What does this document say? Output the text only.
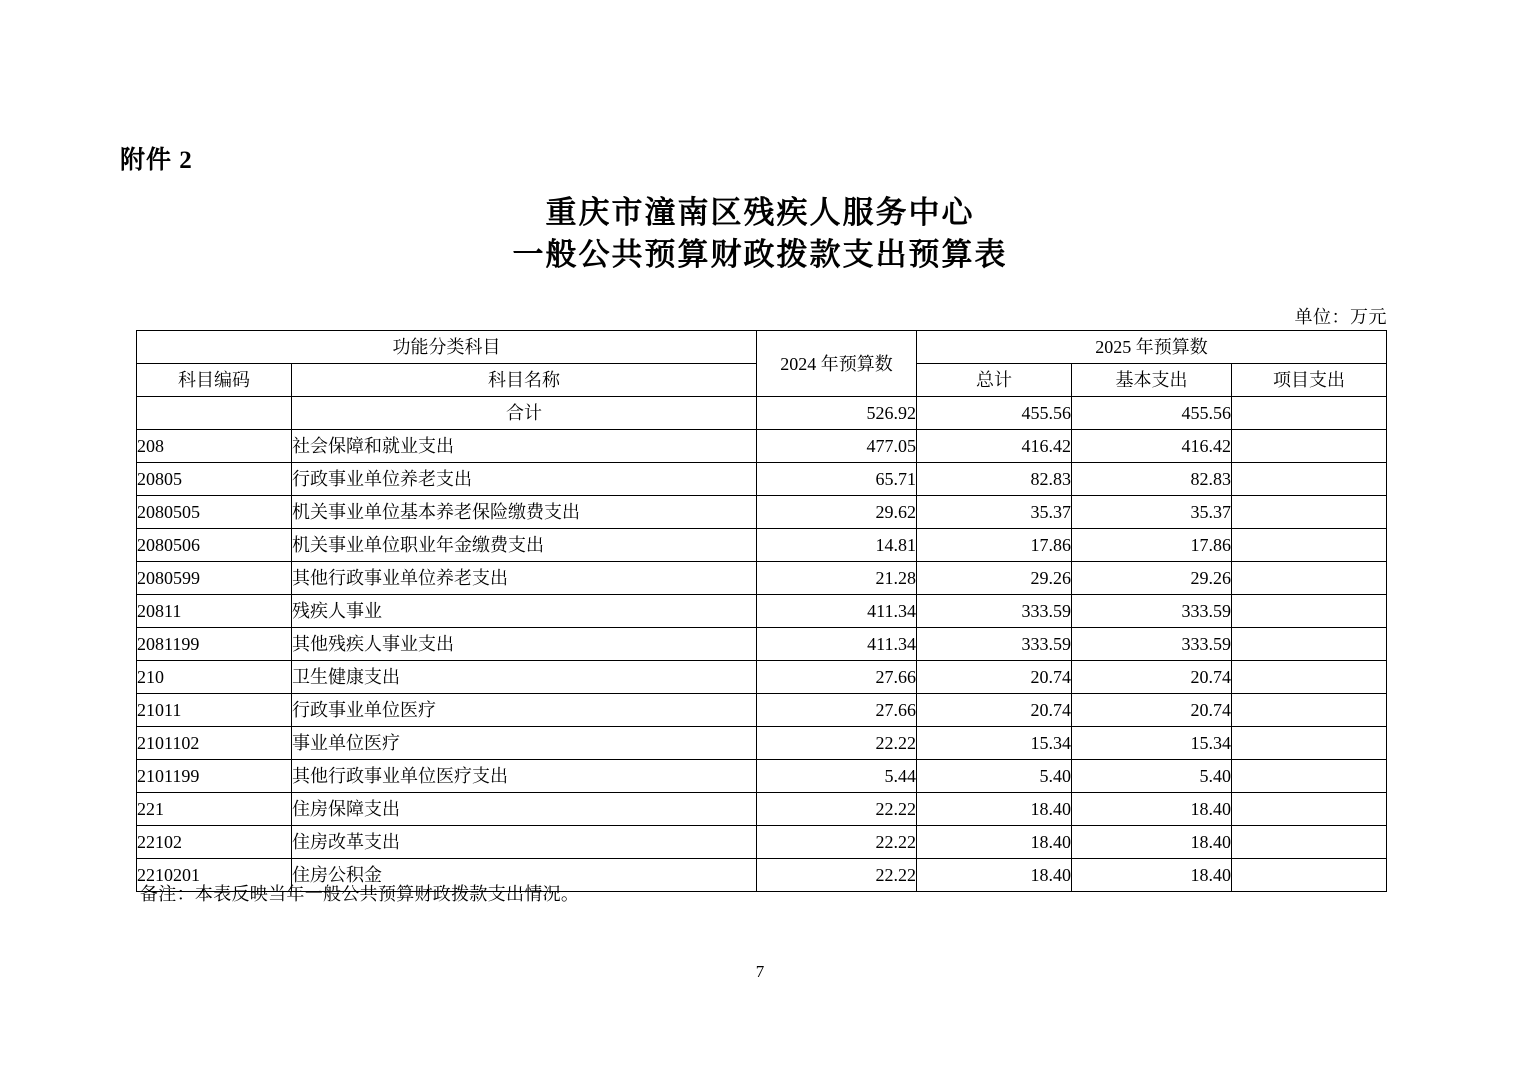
附件 2
重庆市潼南区残疾人服务中心
一般公共预算财政拨款支出预算表
单位：万元
功能分类科目		2024 年预算数	2025 年预算数		
科目编码	科目名称		总计	基本支出	项目支出
	合计	526.92	455.56	455.56	
208	社会保障和就业支出	477.05	416.42	416.42	
20805	行政事业单位养老支出	65.71	82.83	82.83	
2080505	机关事业单位基本养老保险缴费支出	29.62	35.37	35.37	
2080506	机关事业单位职业年金缴费支出	14.81	17.86	17.86	
2080599	其他行政事业单位养老支出	21.28	29.26	29.26	
20811	残疾人事业	411.34	333.59	333.59	
2081199	其他残疾人事业支出	411.34	333.59	333.59	
210	卫生健康支出	27.66	20.74	20.74	
21011	行政事业单位医疗	27.66	20.74	20.74	
2101102	事业单位医疗	22.22	15.34	15.34	
2101199	其他行政事业单位医疗支出	5.44	5.40	5.40	
221	住房保障支出	22.22	18.40	18.40	
22102	住房改革支出	22.22	18.40	18.40	
2210201	住房公积金	22.22	18.40	18.40	
备注：本表反映当年一般公共预算财政拨款支出情况。
7
